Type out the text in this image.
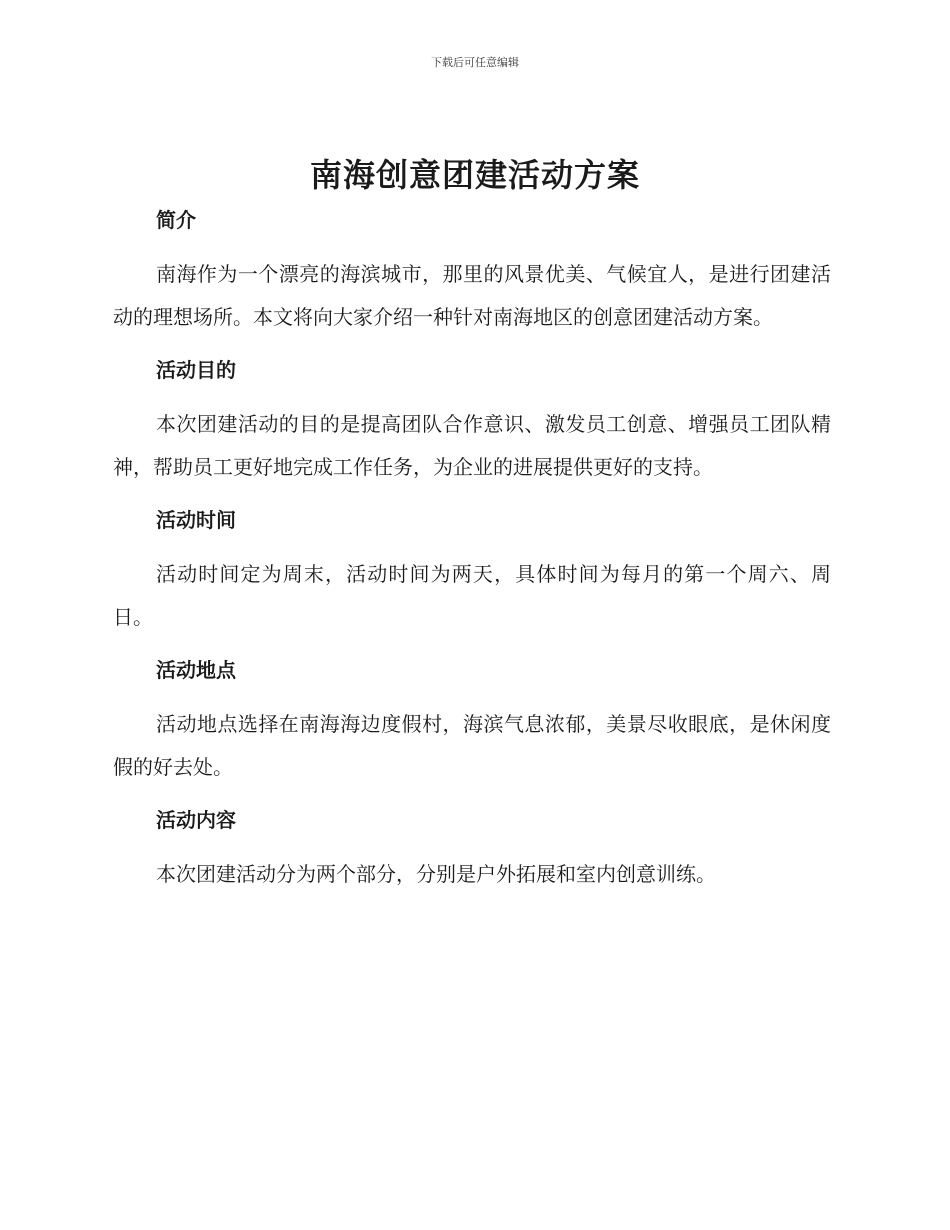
下载后可任意编辑
南海创意团建活动方案
简介

南海作为一个漂亮的海滨城市，那里的风景优美、气候宜人，是进行团建活动的理想场所。本文将向大家介绍一种针对南海地区的创意团建活动方案。

活动目的

本次团建活动的目的是提高团队合作意识、激发员工创意、增强员工团队精神，帮助员工更好地完成工作任务，为企业的进展提供更好的支持。

活动时间

活动时间定为周末，活动时间为两天，具体时间为每月的第一个周六、周日。

活动地点

活动地点选择在南海海边度假村，海滨气息浓郁，美景尽收眼底，是休闲度假的好去处。

活动内容

本次团建活动分为两个部分，分别是户外拓展和室内创意训练。
